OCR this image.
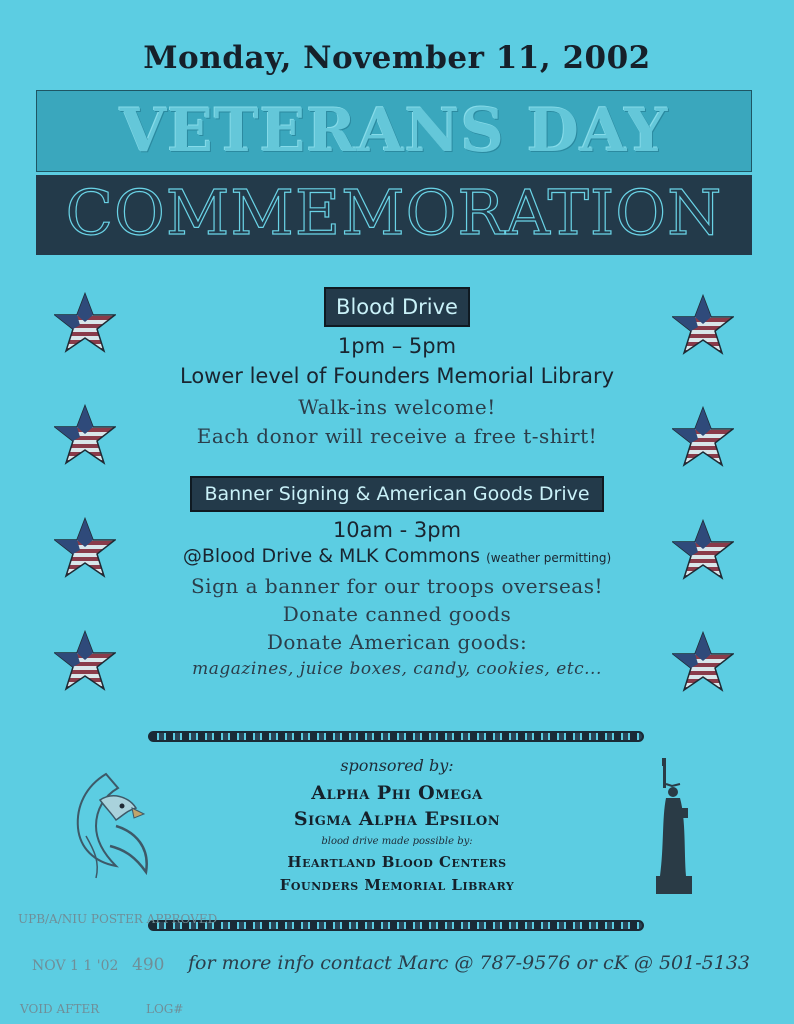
Monday, November 11, 2002
VETERANS DAY
COMMEMORATION
Blood Drive
1pm – 5pm
Lower level of Founders Memorial Library
Walk-ins welcome!
Each donor will receive a free t-shirt!
Banner Signing & American Goods Drive
10am - 3pm
@Blood Drive & MLK Commons (weather permitting)
Sign a banner for our troops overseas!
Donate canned goods
Donate American goods:
magazines, juice boxes, candy, cookies, etc...
sponsored by:
Alpha Phi Omega
Sigma Alpha Epsilon
blood drive made possible by:
Heartland Blood Centers
Founders Memorial Library
UPB/A/NIU POSTER APPROVED
NOV 1 1 '02 490 for more info contact Marc @ 787-9576 or cK @ 501-5133
VOID AFTER	LOG#
